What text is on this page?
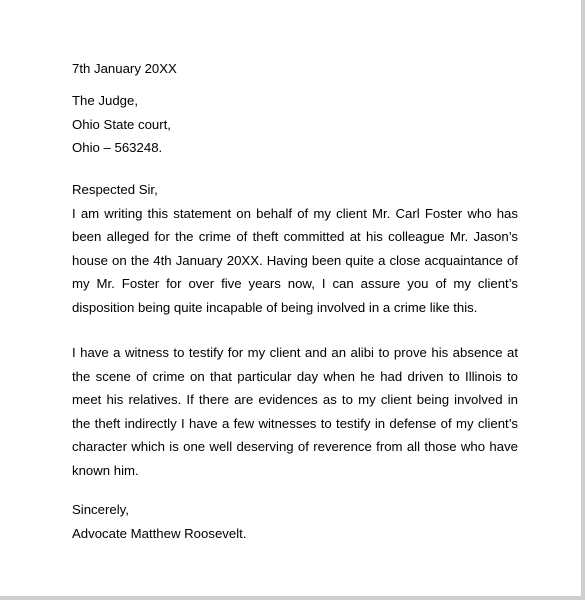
7th January 20XX
The Judge,
Ohio State court,
Ohio – 563248.
Respected Sir,
I am writing this statement on behalf of my client Mr. Carl Foster who has
been alleged for the crime of theft committed at his colleague Mr. Jason’s
house on the 4th January 20XX. Having been quite a close acquaintance of
my Mr. Foster for over five years now, I can assure you of my client’s
disposition being quite incapable of being involved in a crime like this.
I have a witness to testify for my client and an alibi to prove his absence at
the scene of crime on that particular day when he had driven to Illinois to
meet his relatives. If there are evidences as to my client being involved in
the theft indirectly I have a few witnesses to testify in defense of my client’s
character which is one well deserving of reverence from all those who have
known him.
Sincerely,
Advocate Matthew Roosevelt.
